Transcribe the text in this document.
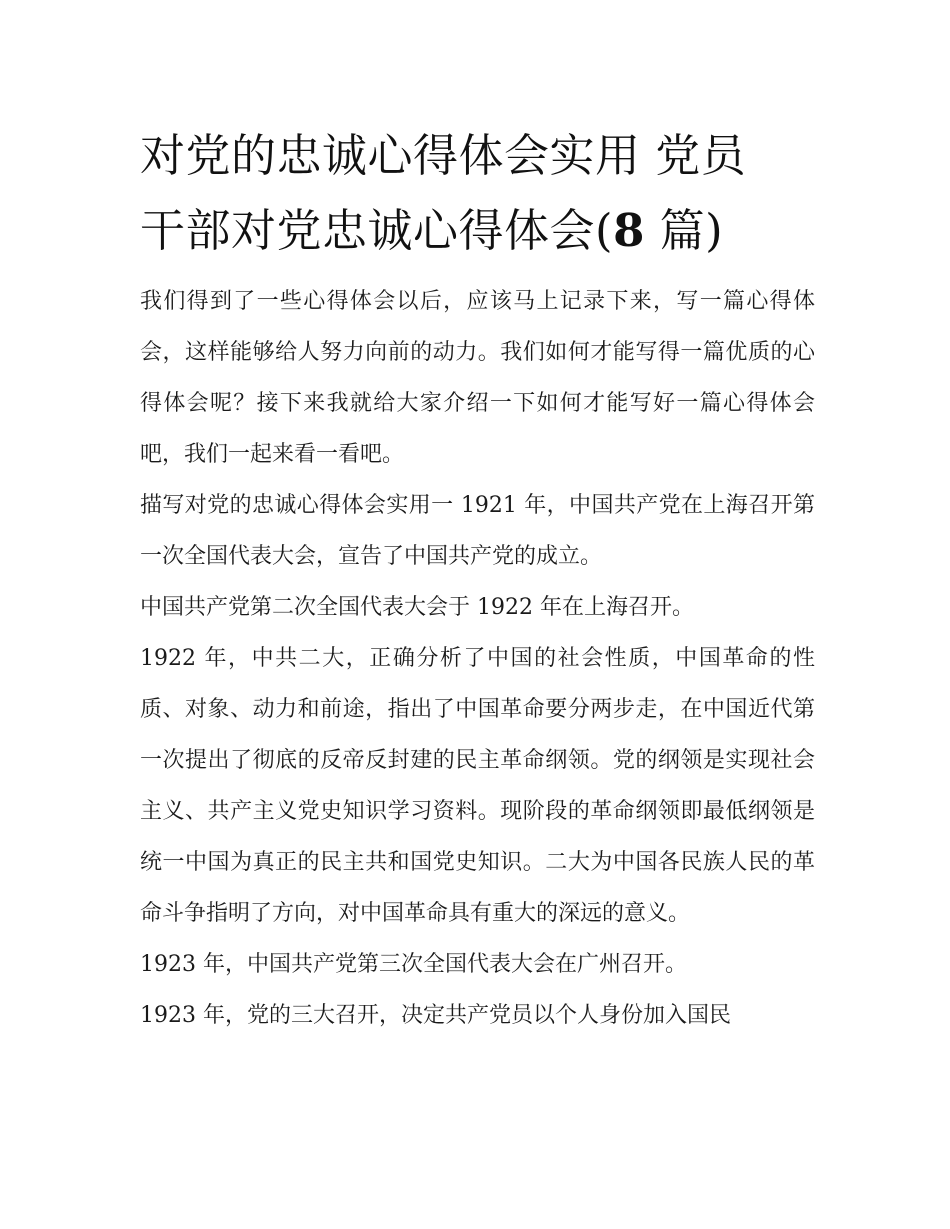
对党的忠诚心得体会实用 党员
干部对党忠诚心得体会(8 篇)

我们得到了一些心得体会以后，应该马上记录下来，写一篇心得体会，这样能够给人努力向前的动力。我们如何才能写得一篇优质的心得体会呢？接下来我就给大家介绍一下如何才能写好一篇心得体会吧，我们一起来看一看吧。

描写对党的忠诚心得体会实用一 1921 年，中国共产党在上海召开第一次全国代表大会，宣告了中国共产党的成立。

中国共产党第二次全国代表大会于 1922 年在上海召开。

1922 年，中共二大，正确分析了中国的社会性质，中国革命的性质、对象、动力和前途，指出了中国革命要分两步走，在中国近代第一次提出了彻底的反帝反封建的民主革命纲领。党的纲领是实现社会主义、共产主义党史知识学习资料。现阶段的革命纲领即最低纲领是统一中国为真正的民主共和国党史知识。二大为中国各民族人民的革命斗争指明了方向，对中国革命具有重大的深远的意义。

1923 年，中国共产党第三次全国代表大会在广州召开。

1923 年，党的三大召开，决定共产党员以个人身份加入国民
